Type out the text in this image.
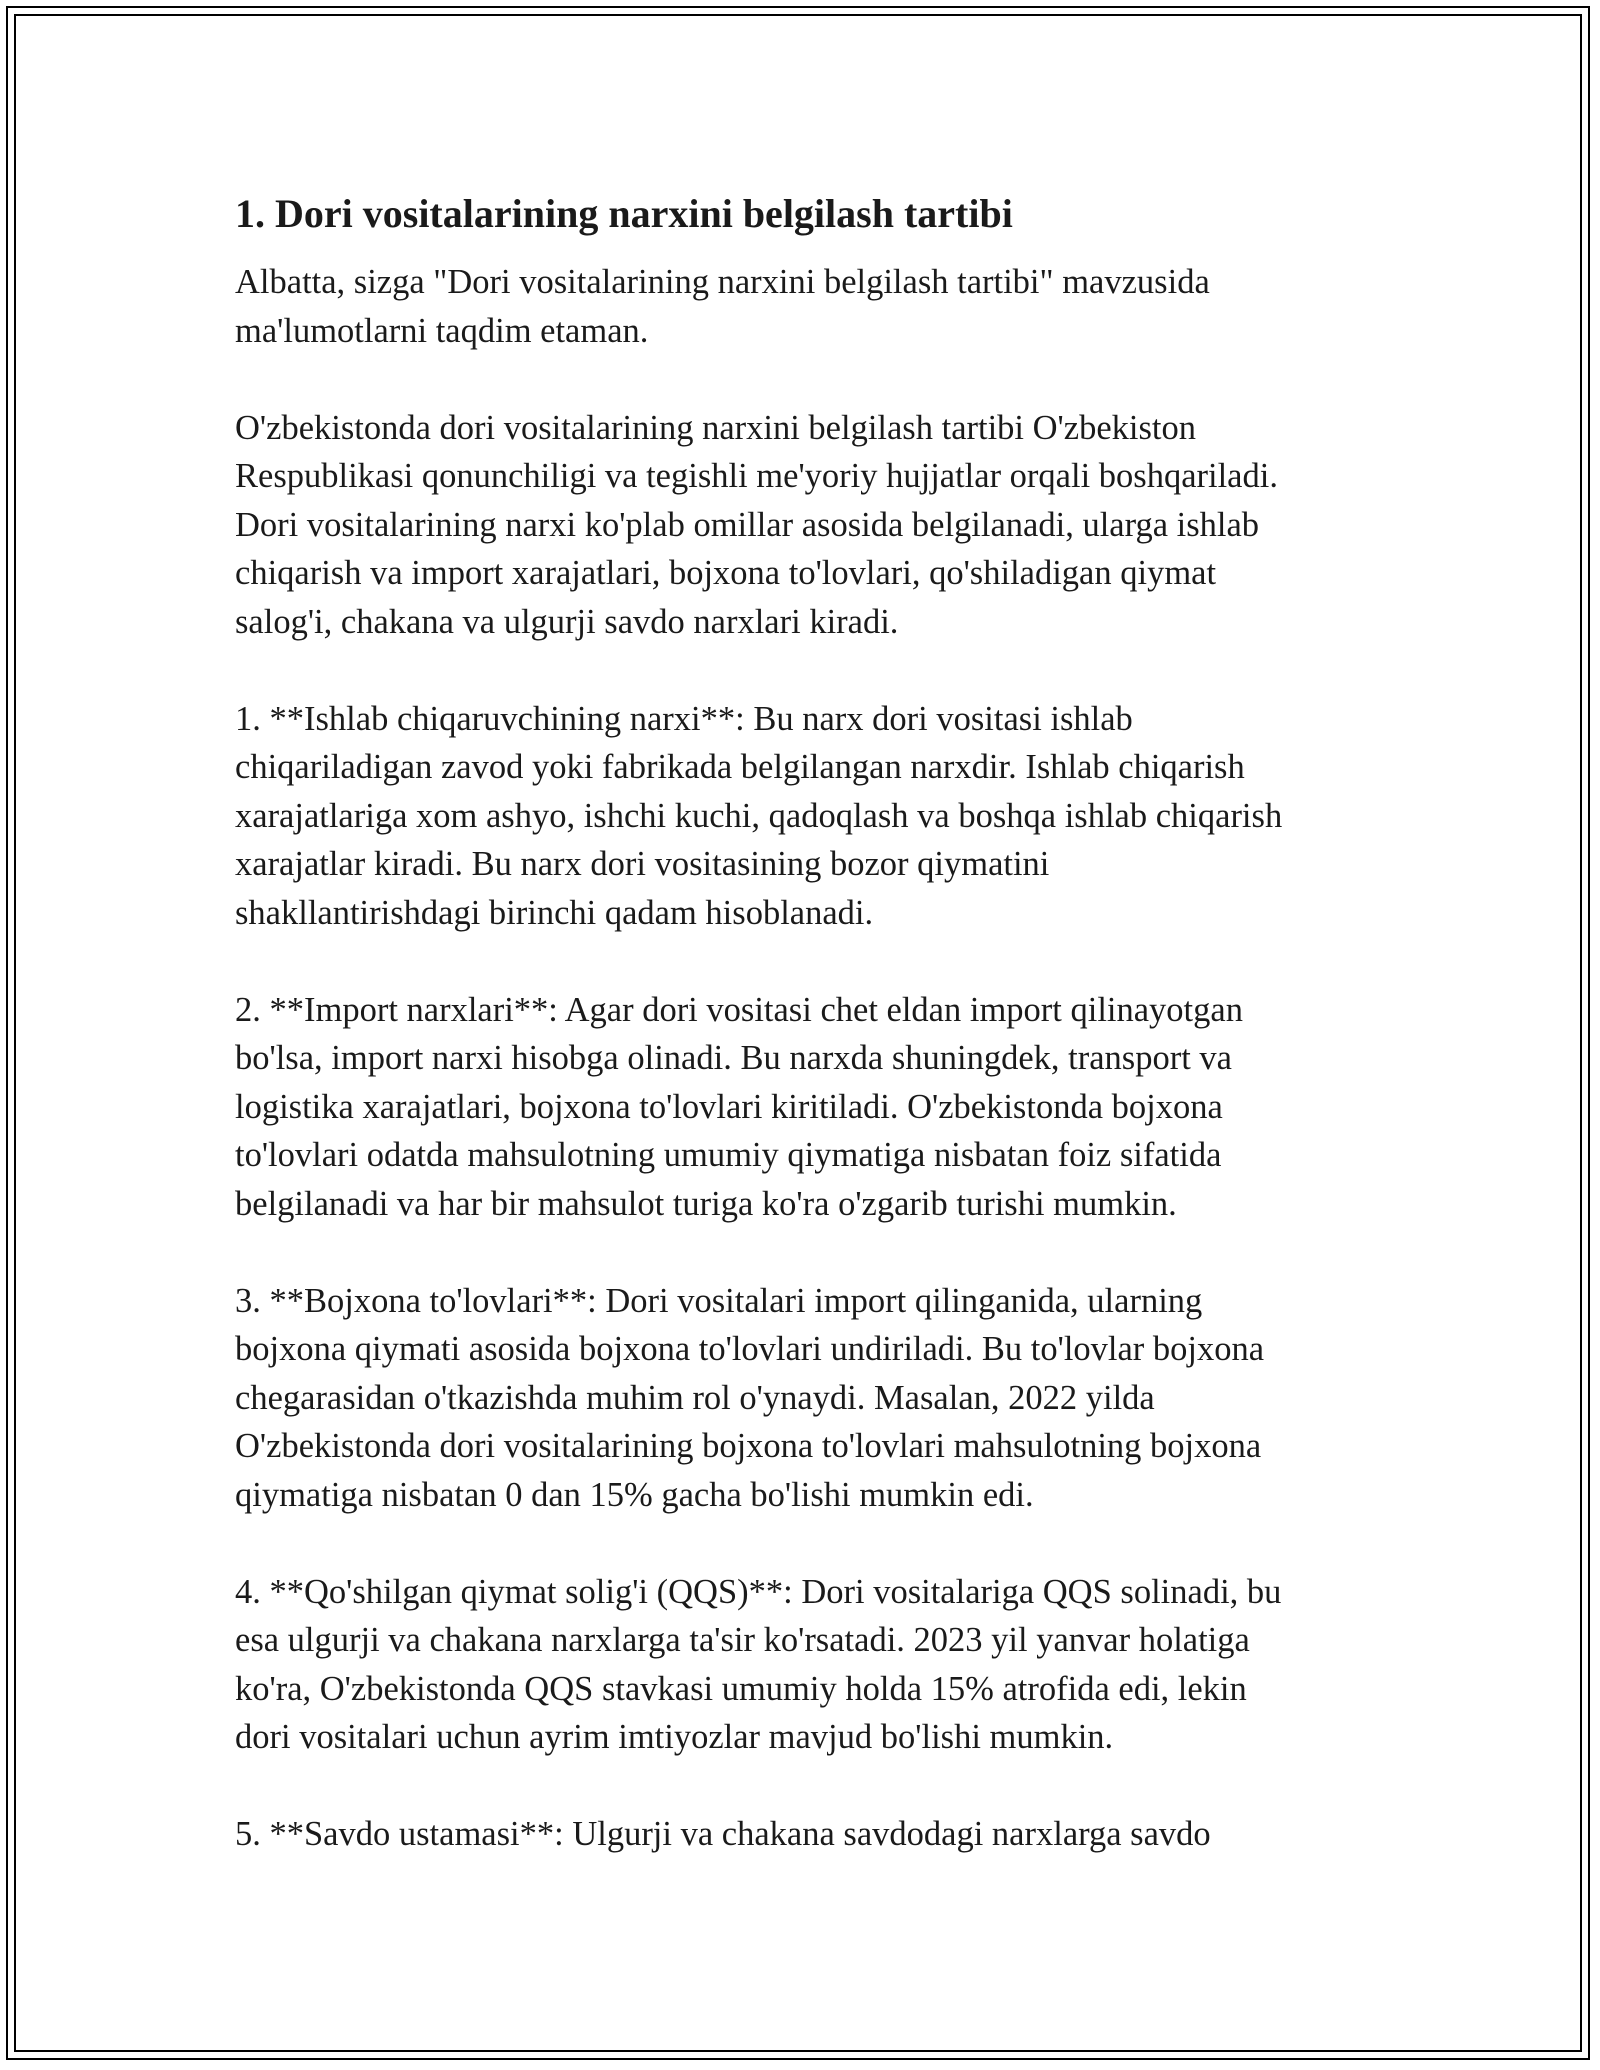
1. Dori vositalarining narxini belgilash tartibi

Albatta, sizga "Dori vositalarining narxini belgilash tartibi" mavzusida
ma'lumotlarni taqdim etaman.

O'zbekistonda dori vositalarining narxini belgilash tartibi O'zbekiston
Respublikasi qonunchiligi va tegishli me'yoriy hujjatlar orqali boshqariladi.
Dori vositalarining narxi ko'plab omillar asosida belgilanadi, ularga ishlab
chiqarish va import xarajatlari, bojxona to'lovlari, qo'shiladigan qiymat
salog'i, chakana va ulgurji savdo narxlari kiradi.

1. **Ishlab chiqaruvchining narxi**: Bu narx dori vositasi ishlab
chiqariladigan zavod yoki fabrikada belgilangan narxdir. Ishlab chiqarish
xarajatlariga xom ashyo, ishchi kuchi, qadoqlash va boshqa ishlab chiqarish
xarajatlar kiradi. Bu narx dori vositasining bozor qiymatini
shakllantirishdagi birinchi qadam hisoblanadi.

2. **Import narxlari**: Agar dori vositasi chet eldan import qilinayotgan
bo'lsa, import narxi hisobga olinadi. Bu narxda shuningdek, transport va
logistika xarajatlari, bojxona to'lovlari kiritiladi. O'zbekistonda bojxona
to'lovlari odatda mahsulotning umumiy qiymatiga nisbatan foiz sifatida
belgilanadi va har bir mahsulot turiga ko'ra o'zgarib turishi mumkin.

3. **Bojxona to'lovlari**: Dori vositalari import qilinganida, ularning
bojxona qiymati asosida bojxona to'lovlari undiriladi. Bu to'lovlar bojxona
chegarasidan o'tkazishda muhim rol o'ynaydi. Masalan, 2022 yilda
O'zbekistonda dori vositalarining bojxona to'lovlari mahsulotning bojxona
qiymatiga nisbatan 0 dan 15% gacha bo'lishi mumkin edi.

4. **Qo'shilgan qiymat solig'i (QQS)**: Dori vositalariga QQS solinadi, bu
esa ulgurji va chakana narxlarga ta'sir ko'rsatadi. 2023 yil yanvar holatiga
ko'ra, O'zbekistonda QQS stavkasi umumiy holda 15% atrofida edi, lekin
dori vositalari uchun ayrim imtiyozlar mavjud bo'lishi mumkin.

5. **Savdo ustamasi**: Ulgurji va chakana savdodagi narxlarga savdo
